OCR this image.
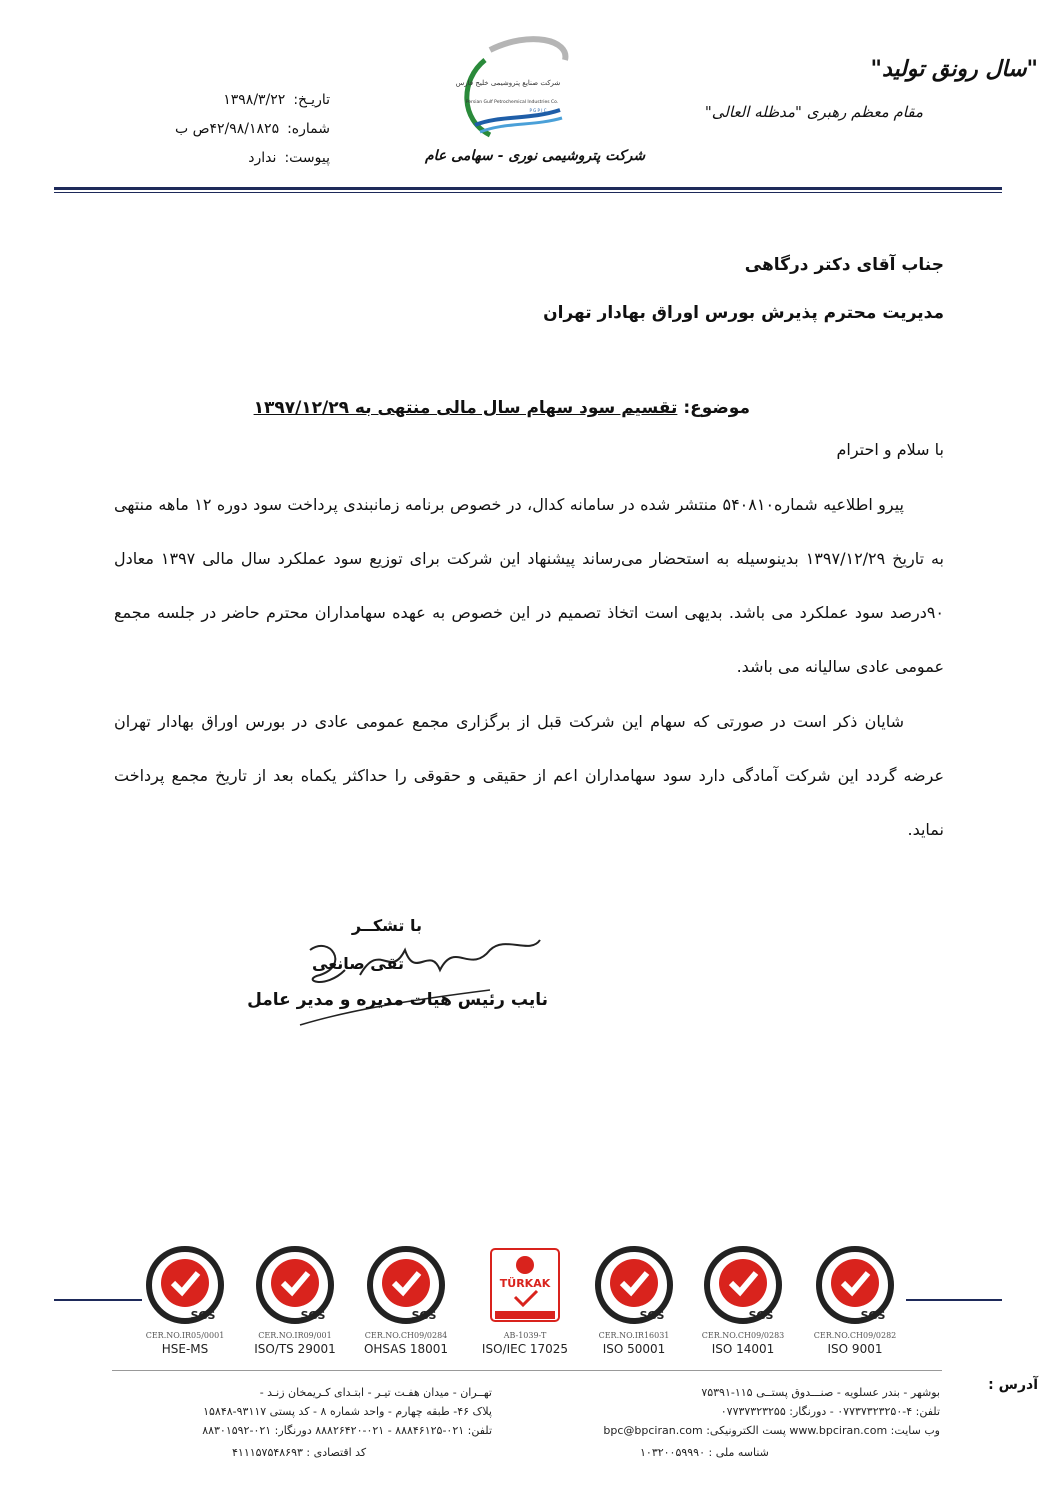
"سال رونق تولید"
مقام معظم رهبری "مدظله العالی"
تاریـخ:
۱۳۹۸/۳/۲۲
شماره:
۴۲/۹۸/۱۸۲۵ص ب
پیوست:
ندارد
شرکت صنایع پتروشیمی خلیج فارس
Persian Gulf Petrochemical Industries Co.
P G P I C
شرکت پتروشیمی نوری - سهامی عام
جناب آقای دکتر درگاهی
مدیریت محترم پذیرش بورس اوراق بهادار تهران
موضوع: تقسیم سود سهام سال مالی منتهی به ۱۳۹۷/۱۲/۲۹
با سلام و احترام
پیرو اطلاعیه شماره۵۴۰۸۱۰ منتشر شده در سامانه کدال، در خصوص برنامه زمانبندی پرداخت سود دوره ۱۲ ماهه منتهی به تاریخ ۱۳۹۷/۱۲/۲۹ بدینوسیله به استحضار می‌رساند پیشنهاد این شرکت برای توزیع سود عملکرد سال مالی ۱۳۹۷ معادل ۹۰درصد سود عملکرد می باشد. بدیهی است اتخاذ تصمیم در این خصوص به عهده سهامداران محترم حاضر در جلسه مجمع عمومی عادی سالیانه می باشد.
شایان ذکر است در صورتی که سهام این شرکت قبل از برگزاری مجمع عمومی عادی در بورس اوراق بهادار تهران عرضه گردد این شرکت آمادگی دارد سود سهامداران اعم از حقیقی و حقوقی را حداکثر یکماه بعد از تاریخ مجمع پرداخت نماید.
با تشکــر
تقی صانعی
نایب رئیس هیات مدیره و مدیر عامل
SGS
CER.NO.IR05/0001
HSE-MS
SGS
CER.NO.IR09/001
ISO/TS 29001
SGS
CER.NO.CH09/0284
OHSAS 18001
TÜRKAK
AB-1039-T
ISO/IEC 17025
SGS
CER.NO.IR16031
ISO 50001
SGS
CER.NO.CH09/0283
ISO 14001
SGS
CER.NO.CH09/0282
ISO 9001
آدرس :
بوشهر - بندر عسلویه - صنـــدوق پستــی ۱۱۵-۷۵۳۹۱
تلفن: ۴-۰۷۷۳۷۳۲۳۲۵۰ - دورنگار: ۰۷۷۳۷۳۲۳۲۵۵
وب سایت: www.bpciran.com پست الکترونیکی: bpc@bpciran.com
تهــران - میدان هفـت تیـر - ابتـدای کـریمخان زنـد -
پلاک ۴۶- طبقه چهارم - واحد شماره ۸ - کد پستی ۹۳۱۱۷-۱۵۸۴۸
تلفن: ۰۲۱-۸۸۸۴۶۱۲۵ - ۰۲۱-۸۸۸۲۶۴۲۰ دورنگار: ۰۲۱-۸۸۳۰۱۵۹۲
کد اقتصادی : ۴۱۱۱۵۷۵۴۸۶۹۳	شناسه ملی : ۱۰۳۲۰۰۵۹۹۹۰
